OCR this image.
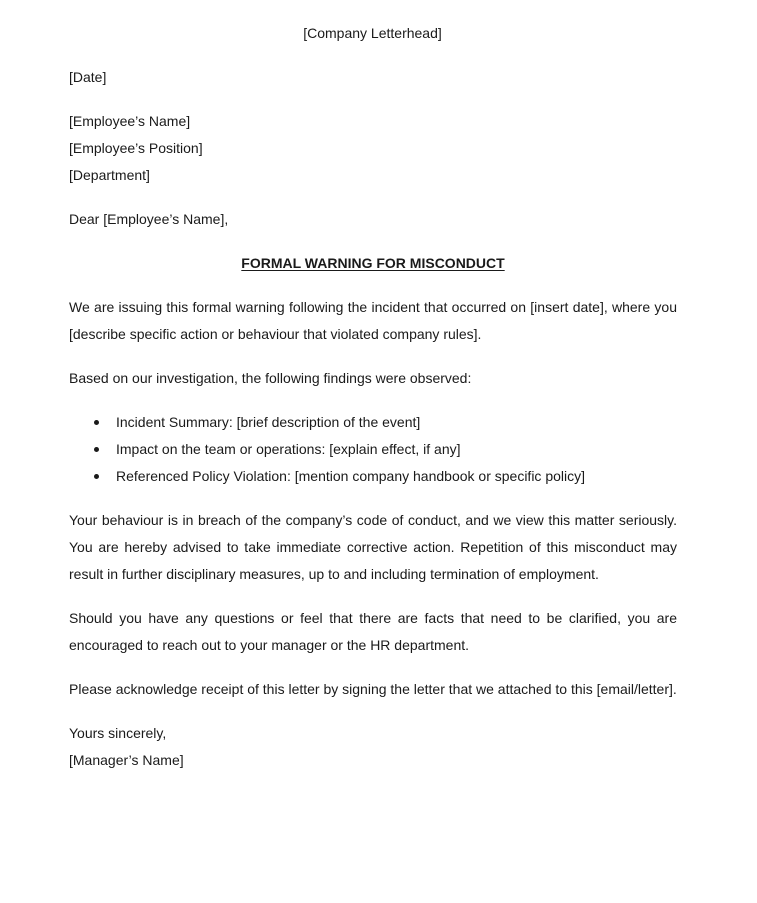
[Company Letterhead]

[Date]

[Employee’s Name]
[Employee’s Position]
[Department]

Dear [Employee’s Name],

FORMAL WARNING FOR MISCONDUCT

We are issuing this formal warning following the incident that occurred on [insert date], where you [describe specific action or behaviour that violated company rules].

Based on our investigation, the following findings were observed:

Incident Summary: [brief description of the event]
Impact on the team or operations: [explain effect, if any]
Referenced Policy Violation: [mention company handbook or specific policy]

Your behaviour is in breach of the company’s code of conduct, and we view this matter seriously. You are hereby advised to take immediate corrective action. Repetition of this misconduct may result in further disciplinary measures, up to and including termination of employment.

Should you have any questions or feel that there are facts that need to be clarified, you are encouraged to reach out to your manager or the HR department.

Please acknowledge receipt of this letter by signing the letter that we attached to this [email/letter].

Yours sincerely,
[Manager’s Name]
